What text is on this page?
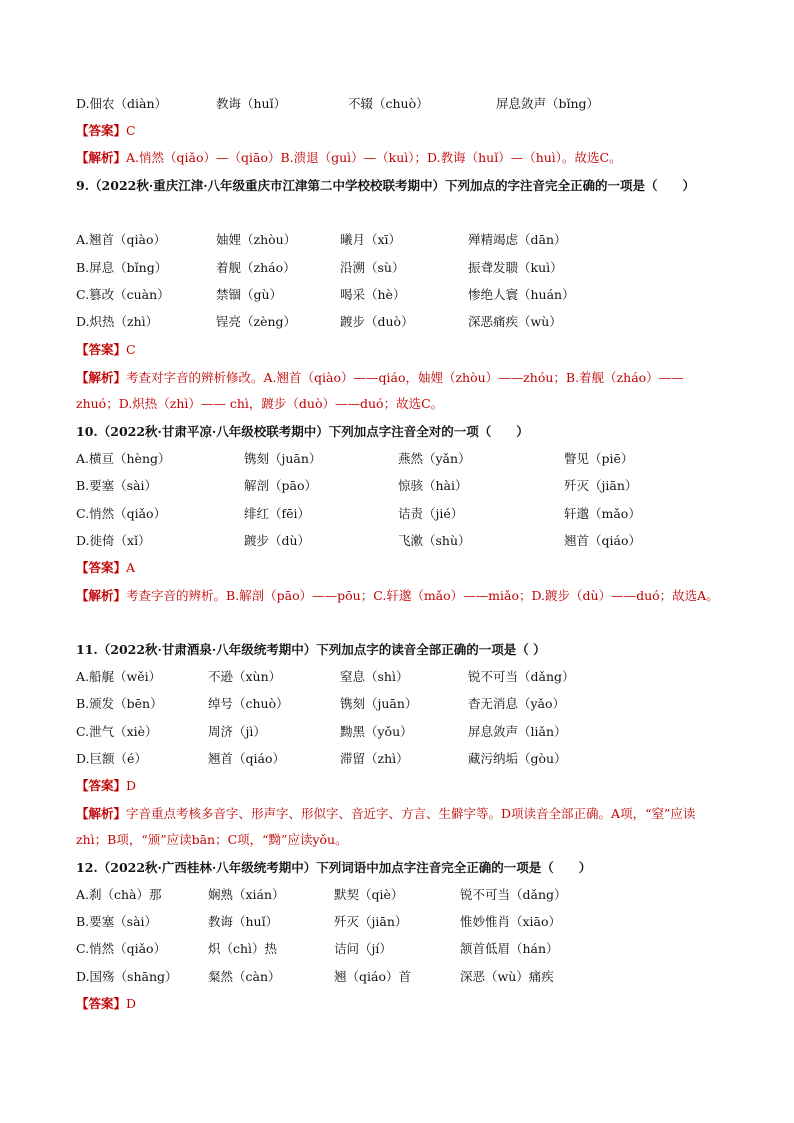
D.佃农（diàn）	教诲（huǐ）	不辍（chuò）	屏息敛声（bǐng）
【答案】C
【解析】A.悄然（qiǎo）—（qiāo）B.溃退（guì）—（kuì）；D.教诲（huǐ）—（huì）。故选C。
9.（2022秋·重庆江津·八年级重庆市江津第二中学校校联考期中）下列加点的字注音完全正确的一项是（　　）
A.翘首（qiào）	妯娌（zhòu）	曦月（xī）	殚精竭虑（dān）
B.屏息（bǐng）	着舰（zháo）	沿溯（sù）	振聋发聩（kuì）
C.篡改（cuàn）	禁锢（gù）	喝采（hè）	惨绝人寰（huán）
D.炽热（zhì）	锃亮（zèng）	踱步（duò）	深恶痛疾（wù）
【答案】C
【解析】考查对字音的辨析修改。A.翘首（qiào）——qiáo，妯娌（zhòu）——zhóu；B.着舰（zháo）——zhuó；D.炽热（zhì）—— chì，踱步（duò）——duó；故选C。
10.（2022秋·甘肃平凉·八年级校联考期中）下列加点字注音全对的一项（　　）
A.横亘（hèng）	镌刻（juān）	燕然（yǎn）	瞥见（piē）
B.要塞（sài）	解剖（pāo）	惊骇（hài）	歼灭（jiān）
C.悄然（qiǎo）	绯红（fēi）	诘责（jié）	轩邈（mǎo）
D.徙倚（xǐ）	踱步（dù）	飞漱（shù）	翘首（qiáo）
【答案】A
【解析】考查字音的辨析。B.解剖（pāo）——pōu；C.轩邈（mǎo）——miǎo；D.踱步（dù）——duó；故选A。
11.（2022秋·甘肃酒泉·八年级统考期中）下列加点字的读音全部正确的一项是（ ）
A.船艉（wěi）	不逊（xùn）	窒息（shì）	锐不可当（dǎng）
B.颁发（bēn）	绰号（chuò）	镌刻（juān）	杳无消息（yǎo）
C.泄气（xiè）	周济（jì）	黝黑（yǒu）	屏息敛声（liǎn）
D.巨额（é）	翘首（qiáo）	滞留（zhì）	藏污纳垢（gòu）
【答案】D
【解析】字音重点考核多音字、形声字、形似字、音近字、方言、生僻字等。D项读音全部正确。A项，“窒”应读zhì；B项，“颁”应读bān；C项，“黝”应读yǒu。
12.（2022秋·广西桂林·八年级统考期中）下列词语中加点字注音完全正确的一项是（　　）
A.刹（chà）那	娴熟（xián）	默契（qiè）	锐不可当（dǎng）
B.要塞（sài）	教诲（huǐ）	歼灭（jiān）	惟妙惟肖（xiāo）
C.悄然（qiǎo）	炽（chì）热	诘问（jí）	颔首低眉（hán）
D.国殇（shāng） 粲然（càn）	翘（qiáo）首	深恶（wù）痛疾
【答案】D
